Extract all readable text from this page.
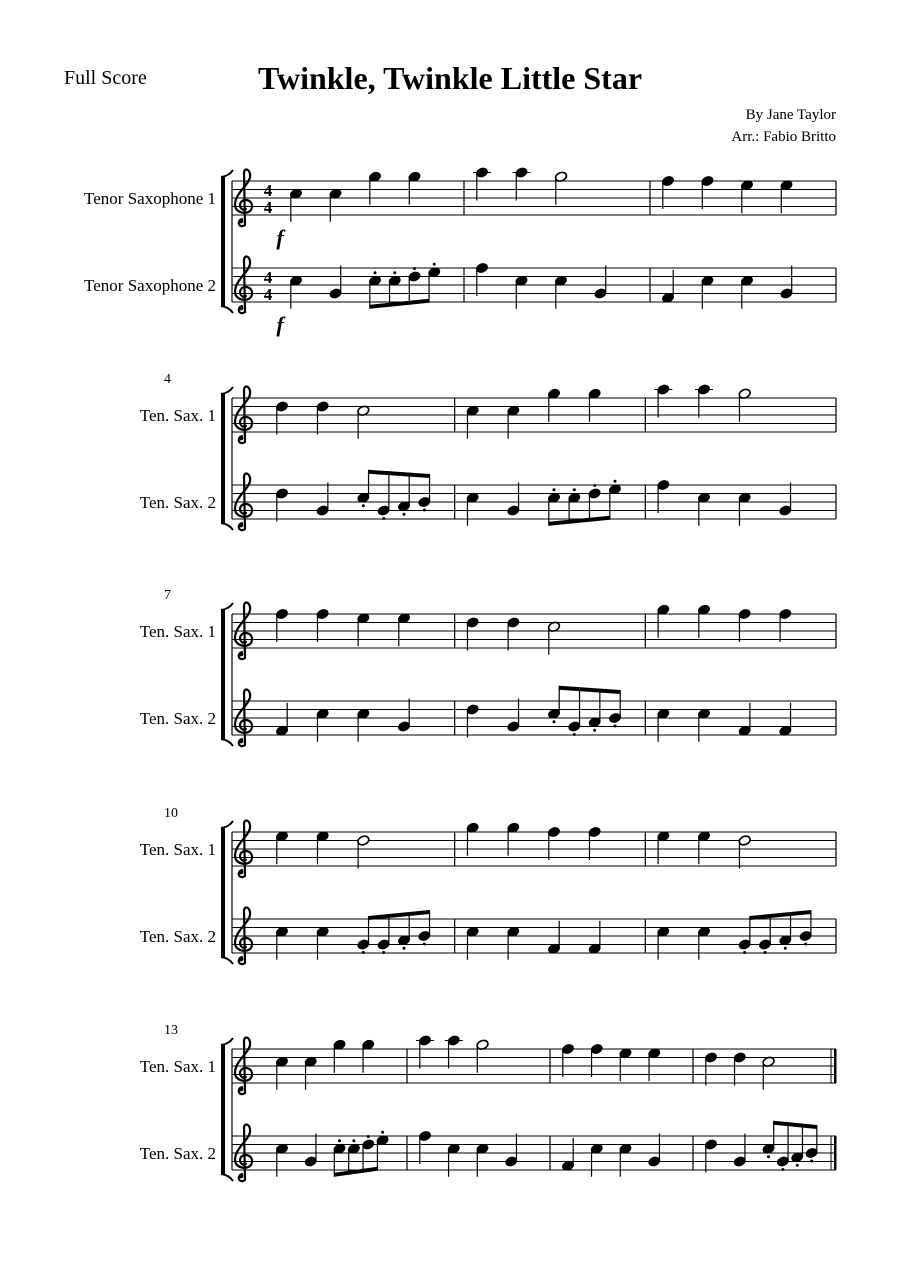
Full Score	Twinkle, Twinkle Little Star
By Jane Taylor
Arr.: Fabio Britto
Tenor Saxophone 1
Tenor Saxophone 2
4
4
f
4
4
f
Ten. Sax. 1
Ten. Sax. 2
4
Ten. Sax. 1
Ten. Sax. 2
7
Ten. Sax. 1
Ten. Sax. 2
10
Ten. Sax. 1
Ten. Sax. 2
13
